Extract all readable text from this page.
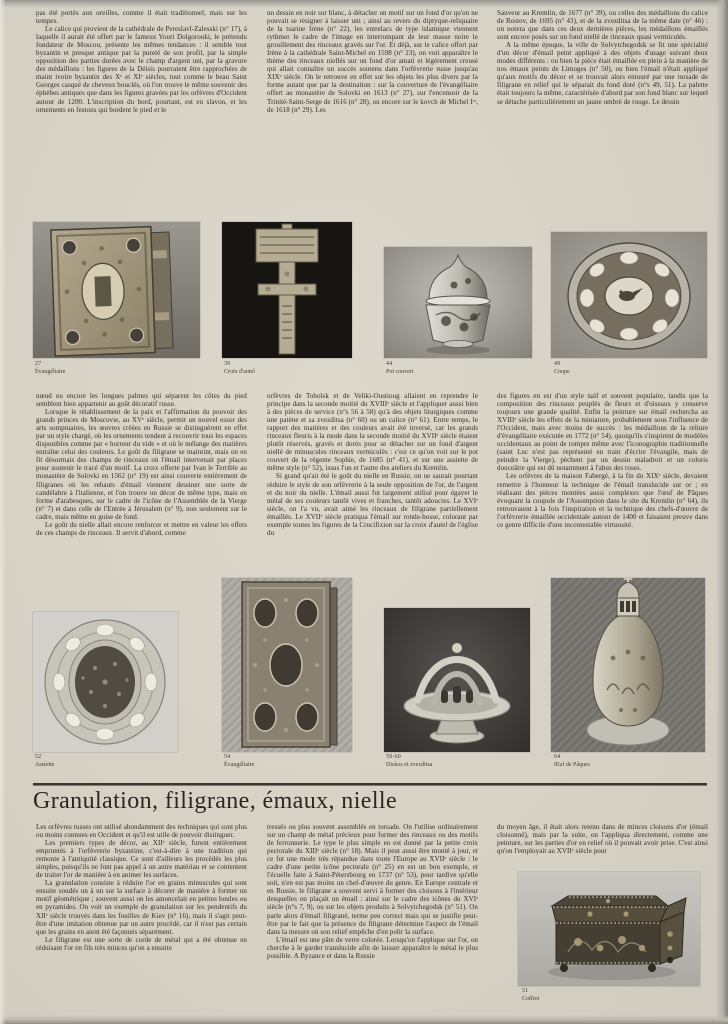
pas été portés aux oreilles, comme il était traditionnel, mais sur les tempes.

Le calice qui provient de la cathédrale de Pereslavl-Zalesski (n° 17), à laquelle il aurait été offert par le fameux Youri Dolgorouki, le prétendu fondateur de Moscou, présente les mêmes tendances : il semble tout byzantin et presque antique par la pureté de son profil, par la simple opposition des parties dorées avec le champ d'argent uni, par la gravure des médaillons : les figures de la Déisis pourraient être rapprochées de maint ivoire byzantin des Xᵉ et XIᵉ siècles, tout comme le beau Saint Georges casqué de cheveux bouclés, où l'on trouve le même souvenir des éphèbes antiques que dans les figures gravées par les orfèvres d'Occident autour de 1200. L'inscription du bord, pourtant, est en slavon, et les ornements en festons qui bordent le pied et le

un dessin en noir sur blanc, à détacher un motif sur un fond d'or qu'on ne pouvait se résigner à laisser uni ; ainsi au revers du diptyque-reliquaire de la tsarine Irène (n° 22), les entrelacs de type islamique viennent rythmer le cadre de l'image en interrompant de leur masse noire le grouillement des rinceaux gravés sur l'or. Et déjà, sur le calice offert par Irène à la cathédrale Saint-Michel en 1598 (n° 23), on voit apparaître le thème des rinceaux niellés sur un fond d'or amati et légèrement creusé qui allait connaître un succès soutenu dans l'orfèvrerie russe jusqu'au XIXᵉ siècle. On le retrouve en effet sur les objets les plus divers par la forme autant que par la destination : sur la couverture de l'évangéliaire offert au monastère de Solovki en 1613 (n° 27), sur l'encensoir de la Trinité-Saint-Serge de 1616 (n° 28), ou encore sur le kovch de Michel Iᵉʳ, de 1618 (n° 29). Les

Sauveur au Kremlin, de 1677 (n° 39), ou celles des médaillons du calice de Rostov, de 1695 (n° 43), et de la zvezditsa de la même date (n° 46) : on notera que dans ces deux dernières pièces, les médaillons émaillés sont encore posés sur un fond niellé de rinceaux quasi vermiculés.

A la même époque, la ville de Solvytchegodsk se fit une spécialité d'un décor d'émail peint appliqué à des objets d'usage suivant deux modes différents : ou bien la pièce était émaillée en plein à la manière de nos émaux peints de Limoges (n° 50), ou bien l'émail n'était appliqué qu'aux motifs du décor et se trouvait alors entouré par une torsade de filigrane en relief qui le séparait du fond doré (n°s 49, 51). La palette était toujours la même, caractérisée d'abord par son fond blanc sur lequel se détache particulièrement un jaune ombré de rouge. Le dessin

27
Évangéliaire
39
Croix d'autel
44
Pot couvert
49
Coupe

nœud ou encore les longues palmes qui séparent les côtes du pied semblent bien appartenir au goût décoratif russe.

Lorsque le rétablissement de la paix et l'affirmation du pouvoir des grands princes de Moscovie, au XVᵉ siècle, permit un nouvel essor des arts somptuaires, les œuvres créées en Russie se distinguèrent en effet par un style chargé, où les ornements tendent à recouvrir tous les espaces disponibles comme par « horreur du vide » et où le mélange des matières entraîne celui des couleurs. Le goût du filigrane se maintint, mais on en fit désormais des champs de rinceaux où l'émail intervenait par places pour soutenir le tracé d'un motif. La croix offerte par Ivan le Terrible au monastère de Solovki en 1562 (n° 19) est ainsi couverte entièrement de filigranes où les rehauts d'émail viennent dessiner une sorte de candélabre à l'italienne, et l'on trouve un décor de même type, mais en forme d'arabesques, sur le cadre de l'icône de l'Assemblée de la Vierge (n° 7) et dans celle de l'Entrée à Jérusalem (n° 9), non seulement sur le cadre, mais même en guise de fond.

Le goût du nielle allait encore renforcer et mettre en valeur les effets de ces champs de rinceaux. Il servit d'abord, comme

orfèvres de Tobolsk et de Veliki-Oustioug allaient en reprendre le principe dans la seconde moitié du XVIIIᵉ siècle et l'appliquer aussi bien à des pièces de service (n°s 56 à 58) qu'à des objets liturgiques comme une patène et sa zvezditsa (n° 60) ou un calice (n° 61). Entre temps, le rapport des matières et des couleurs avait été inversé, car les grands rinceaux fleuris à la mode dans la seconde moitié du XVIIᵉ siècle étaient plutôt réservés, gravés et dorés pour se détacher sur un fond d'argent niellé de minuscules rinceaux vermiculés : c'est ce qu'on voit sur le pot couvert de la régente Sophie, de 1685 (n° 41), et sur une assiette de même style (n° 52), issus l'un et l'autre des ateliers du Kremlin.

Si grand qu'ait été le goût du nielle en Russie, on ne saurait pourtant réduire le style de son orfèvrerie à la seule opposition de l'or, de l'argent et du noir du nielle. L'émail aussi fut largement utilisé pour égayer le métal de ses couleurs tantôt vives et franches, tantôt adoucies. Le XVIᵉ siècle, on l'a vu, avait aimé les rinceaux de filigrane partiellement émaillés. Le XVIIᵉ siècle pratiqua l'émail sur ronde-bosse, colorant par exemple toutes les figures de la Crucifixion sur la croix d'autel de l'église du

des figures en est d'un style naïf et souvent populaire, tandis que la composition des rinceaux peuplés de fleurs et d'oiseaux y conserve toujours une grande qualité. Enfin la peinture sur émail rechercha au XVIIIᵉ siècle les effets de la miniature, probablement sous l'influence de l'Occident, mais avec moins de succès : les médaillons de la reliure d'évangéliaire exécutée en 1772 (n° 54), quoiqu'ils s'inspirent de modèles occidentaux au point de rompre même avec l'iconographie traditionnelle (saint Luc n'est pas représenté en train d'écrire l'évangile, mais de peindre la Vierge), pèchent par un dessin maladroit et un coloris douceâtre qui est dû notamment à l'abus des roses.

Les orfèvres de la maison Fabergé, à la fin du XIXᵉ siècle, devaient remettre à l'honneur la technique de l'émail translucide sur or ; en réalisant des pièces montées aussi complexes que l'œuf de Pâques évoquant la coupole de l'Assomption dans le site du Kremlin (n° 64), ils retrouvaient à la fois l'inspiration et la technique des chefs-d'œuvre de l'orfèvrerie émaillée occidentale autour de 1400 et faisaient preuve dans ce genre difficile d'une incontestable virtuosité.

52
Assiette
54
Évangéliaire
59-60
Diskos et zvezditsa
64
Œuf de Pâques
Granulation, filigrane, émaux, nielle

Les orfèvres russes ont utilisé abondamment des techniques qui sont plus ou moins connues en Occident et qu'il est utile de pouvoir distinguer.

Les premiers types de décor, au XIIᵉ siècle, furent entièrement empruntés à l'orfèvrerie byzantine, c'est-à-dire à une tradition qui remonte à l'antiquité classique. Ce sont d'ailleurs les procédés les plus simples, puisqu'ils ne font pas appel à un autre matériau et se contentent de traiter l'or de manière à en animer les surfaces.

La granulation consiste à réduire l'or en grains minuscules qui sont ensuite soudés un à un sur la surface à décorer de manière à former un motif géométrique ; souvent aussi on les amoncelait en petites boules ou en pyramides. On voit un exemple de granulation sur les pendentifs du XIIᵉ siècle trouvés dans les fouilles de Kiev (n° 16), mais il s'agit peut-être d'une imitation obtenue par un autre procédé, car il n'est pas certain que les grains en aient été façonnés séparément.

Le filigrane est une sorte de corde de métal qui a été obtenue en réduisant l'or en fils très minces qu'on a ensuite

tressés ou plus souvent assemblés en torsade. On l'utilise ordinairement sur un champ de métal précieux pour former des rinceaux ou des motifs de ferronnerie. Le type le plus simple en est donné par la petite croix pectorale du XIIIᵉ siècle (n° 18). Mais il peut aussi être monté à jour, et ce fut une mode très répandue dans toute l'Europe au XVIIᵉ siècle : le cadre d'une petite icône pectorale (n° 25) en est un bon exemple, et l'écuelle faite à Saint-Pétersbourg en 1737 (n° 53), pour tardive qu'elle soit, n'en est pas moins un chef-d'œuvre du genre. En Europe centrale et en Russie, le filigrane a souvent servi à former des cloisons à l'intérieur desquelles on plaçait un émail : ainsi sur le cadre des icônes du XVIᵉ siècle (n°s 7, 9), ou sur les objets produits à Solvytchegodsk (n° 51). On parle alors d'émail filigrané, terme peu correct mais qui se justifie peut-être par le fait que la présence du filigrane détermine l'aspect de l'émail dans la mesure où son relief empêche d'en polir la surface.

L'émail est une pâte de verre colorée. Lorsqu'on l'applique sur l'or, on cherche à le garder translucide afin de laisser apparaître le métal le plus possible. A Byzance et dans la Russie

du moyen âge, il était alors retenu dans de minces cloisons d'or (émail cloisonné), mais par la suite, on l'appliqua directement, comme une peinture, sur les parties d'or en relief où il pouvait avoir prise. C'est ainsi qu'on l'employait au XVIIᵉ siècle pour

51
Coffret
